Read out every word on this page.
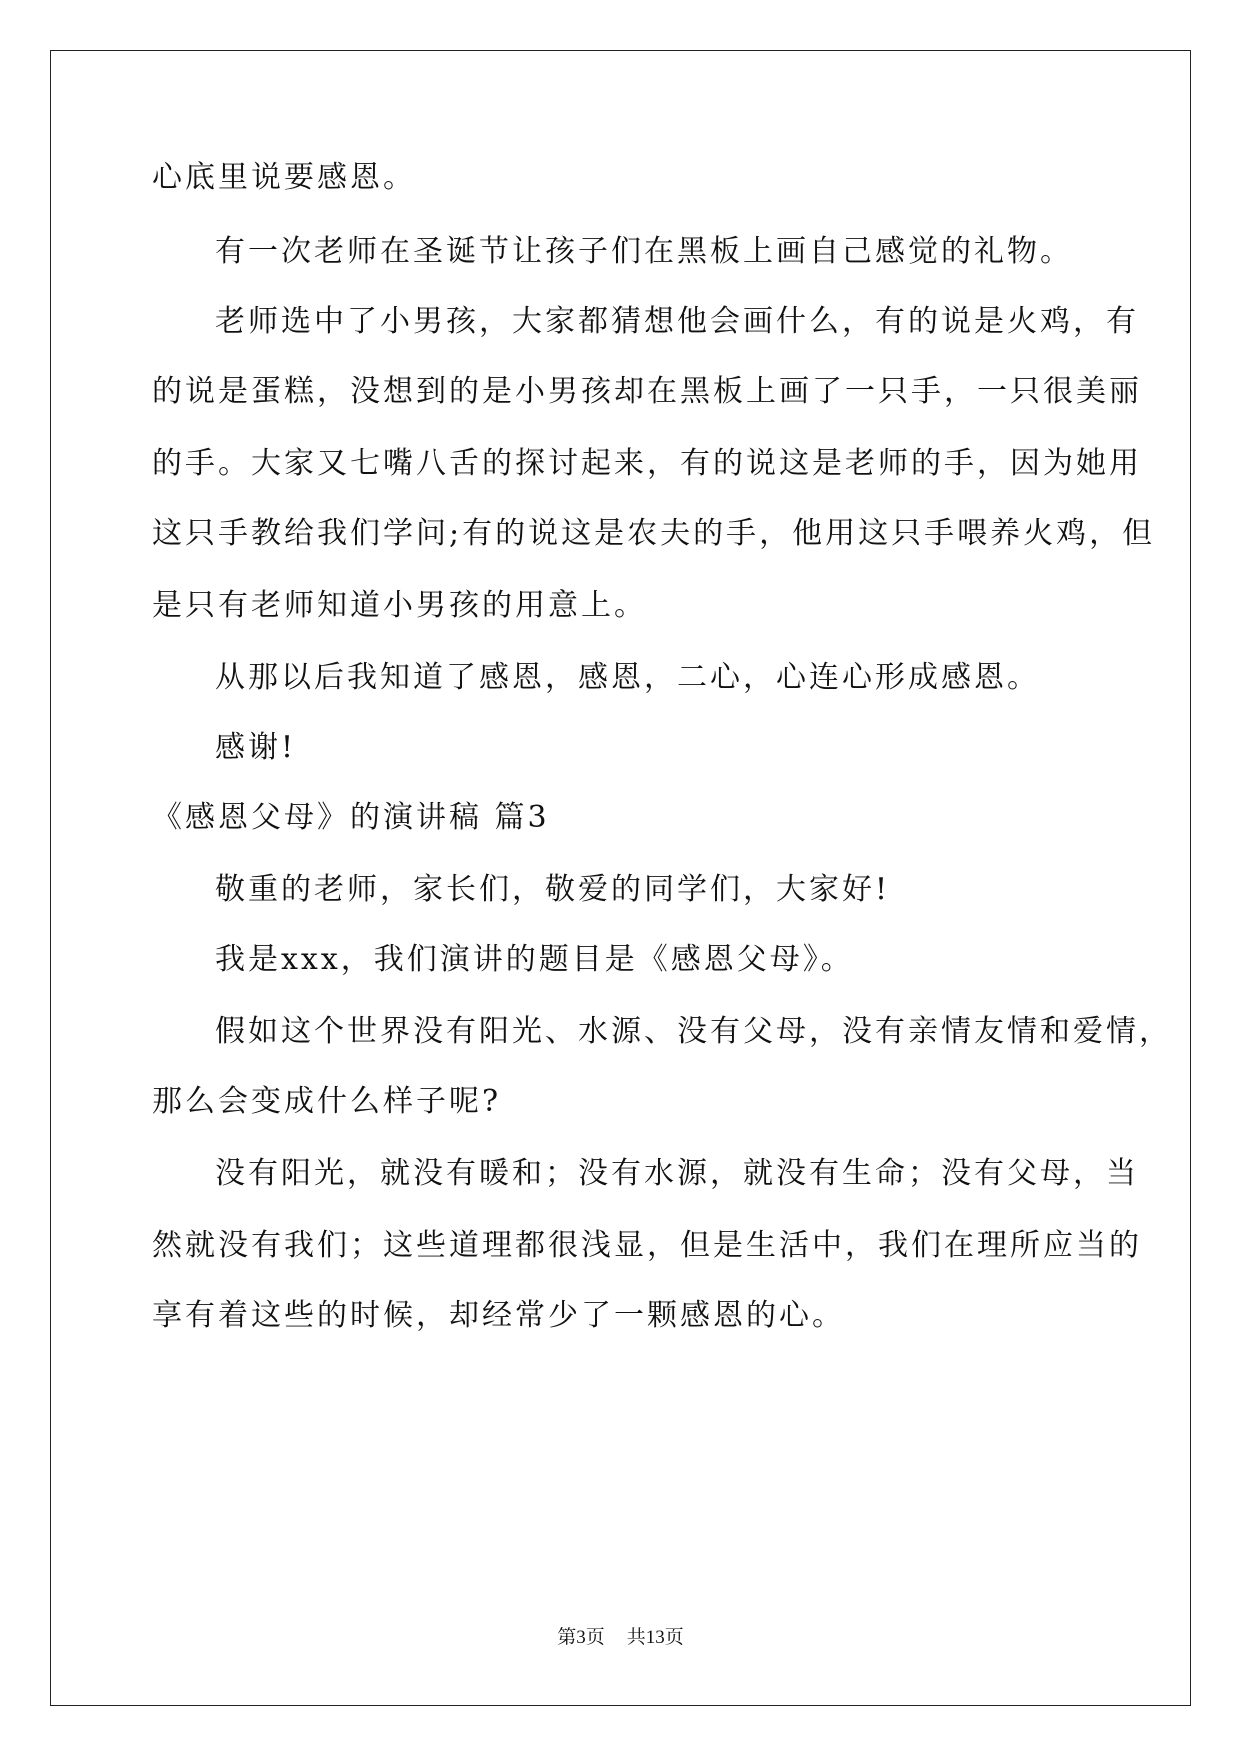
心底里说要感恩。
有一次老师在圣诞节让孩子们在黑板上画自己感觉的礼物。
老师选中了小男孩，大家都猜想他会画什么，有的说是火鸡，有
的说是蛋糕，没想到的是小男孩却在黑板上画了一只手，一只很美丽
的手。大家又七嘴八舌的探讨起来，有的说这是老师的手，因为她用
这只手教给我们学问;有的说这是农夫的手，他用这只手喂养火鸡，但
是只有老师知道小男孩的用意上。
从那以后我知道了感恩，感恩，二心，心连心形成感恩。
感谢!
《感恩父母》的演讲稿 篇3
敬重的老师，家长们，敬爱的同学们，大家好!
我是xxx，我们演讲的题目是《感恩父母》。
假如这个世界没有阳光、水源、没有父母，没有亲情友情和爱情，
那么会变成什么样子呢?
没有阳光，就没有暖和；没有水源，就没有生命；没有父母，当
然就没有我们；这些道理都很浅显，但是生活中，我们在理所应当的
享有着这些的时候，却经常少了一颗感恩的心。
第3页 共13页
